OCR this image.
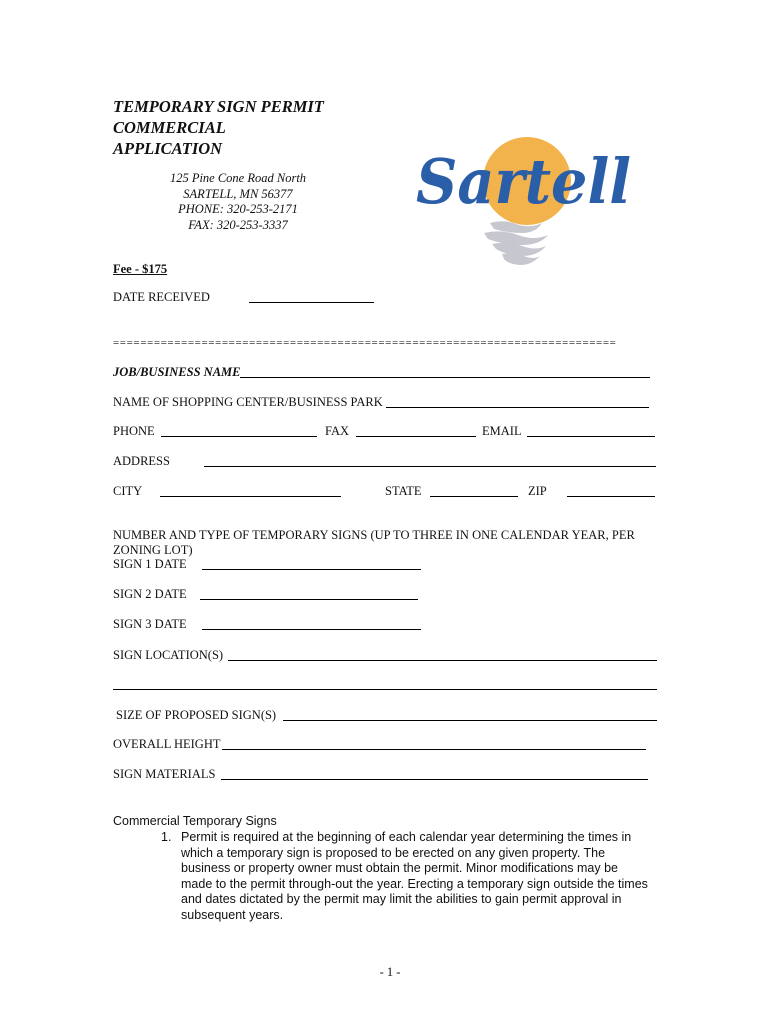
TEMPORARY SIGN PERMIT
COMMERCIAL
APPLICATION
125 Pine Cone Road North
SARTELL, MN 56377
PHONE: 320-253-2171
FAX: 320-253-3337
Sartell
Fee - $175
DATE RECEIVED
==========================================================================
JOB/BUSINESS NAME
NAME OF SHOPPING CENTER/BUSINESS PARK
PHONE	FAX	EMAIL
ADDRESS
CITY	STATE	ZIP
NUMBER AND TYPE OF TEMPORARY SIGNS (UP TO THREE IN ONE CALENDAR YEAR, PER
ZONING LOT)
SIGN 1 DATE
SIGN 2 DATE
SIGN 3 DATE
SIGN LOCATION(S)
SIZE OF PROPOSED SIGN(S)
OVERALL HEIGHT
SIGN MATERIALS
Commercial Temporary Signs
1. Permit is required at the beginning of each calendar year determining the times in
which a temporary sign is proposed to be erected on any given property. The
business or property owner must obtain the permit. Minor modifications may be
made to the permit through-out the year. Erecting a temporary sign outside the times
and dates dictated by the permit may limit the abilities to gain permit approval in
subsequent years.
- 1 -
